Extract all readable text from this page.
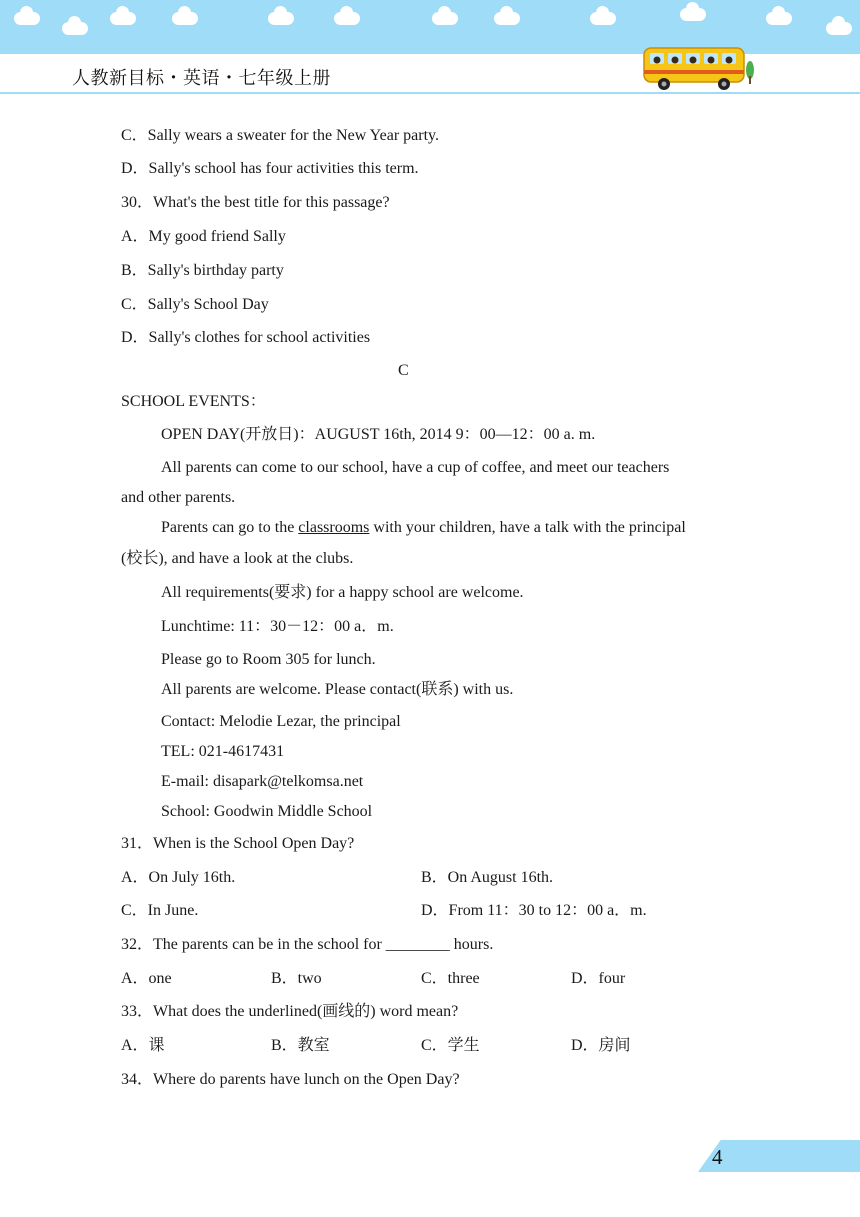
人教新目标・英语・七年级上册
C．Sally wears a sweater for the New Year party.
D．Sally's school has four activities this term.
30．What's the best title for this passage?
A．My good friend Sally
B．Sally's birthday party
C．Sally's School Day
D．Sally's clothes for school activities
C
SCHOOL EVENTS：
OPEN DAY(开放日)：AUGUST 16th, 2014 9：00—12：00 a. m.
All parents can come to our school, have a cup of coffee, and meet our teachers
and other parents.
Parents can go to the classrooms with your children, have a talk with the principal
(校长), and have a look at the clubs.
All requirements(要求) for a happy school are welcome.
Lunchtime: 11：30－12：00 a．m.
Please go to Room 305 for lunch.
All parents are welcome. Please contact(联系) with us.
Contact: Melodie Lezar, the principal
TEL: 021-4617431
E-mail: disapark@telkomsa.net
School: Goodwin Middle School
31．When is the School Open Day?
A．On July 16th.	B．On August 16th.
C．In June.	D．From 11：30 to 12：00 a．m.
32．The parents can be in the school for ________ hours.
A．one	B．two	C．three	D．four
33．What does the underlined(画线的) word mean?
A．课	B．教室	C．学生	D．房间
34．Where do parents have lunch on the Open Day?
4
